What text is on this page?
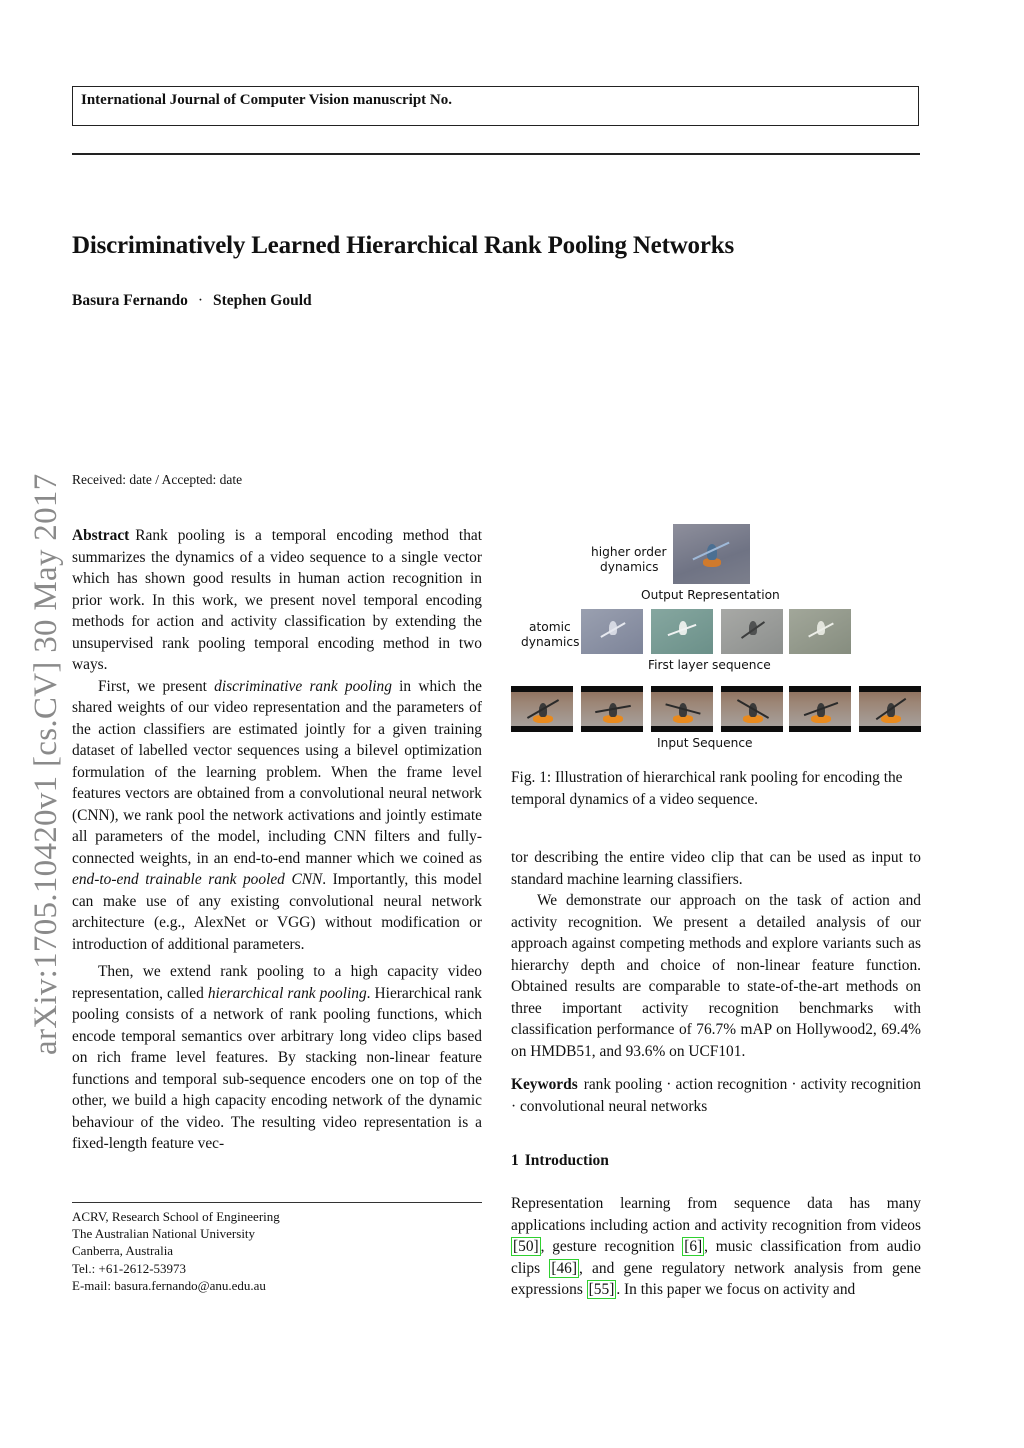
International Journal of Computer Vision manuscript No.
Discriminatively Learned Hierarchical Rank Pooling Networks
Basura Fernando · Stephen Gould
Received: date / Accepted: date
arXiv:1705.10420v1 [cs.CV] 30 May 2017 Abstract Rank pooling is a temporal encoding method that summarizes the dynamics of a video sequence to a single vector which has shown good results in human action recognition in prior work. In this work, we present novel temporal encoding methods for action and activity classification by extending the unsupervised rank pooling temporal encoding method in two ways.

First, we present discriminative rank pooling in which the shared weights of our video representation and the parameters of the action classifiers are estimated jointly for a given training dataset of labelled vector sequences using a bilevel optimization formulation of the learning problem. When the frame level features vectors are obtained from a convolutional neural network (CNN), we rank pool the network activations and jointly estimate all parameters of the model, including CNN filters and fully-connected weights, in an end-to-end manner which we coined as end-to-end trainable rank pooled CNN. Importantly, this model can make use of any existing convolutional neural network architecture (e.g., AlexNet or VGG) without modification or introduction of additional parameters.

Then, we extend rank pooling to a high capacity video representation, called hierarchical rank pooling. Hierarchical rank pooling consists of a network of rank pooling functions, which encode temporal semantics over arbitrary long video clips based on rich frame level features. By stacking non-linear feature functions and temporal sub-sequence encoders one on top of the other, we build a high capacity encoding network of the dynamic behaviour of the video. The resulting video representation is a fixed-length feature vec-

ACRV, Research School of Engineering
The Australian National University
Canberra, Australia
Tel.: +61-2612-53973
E-mail: basura.fernando@anu.edu.au
higher order
dynamics
Output Representation
atomic
dynamics
First layer sequence
Input Sequence
Fig. 1: Illustration of hierarchical rank pooling for encoding the temporal dynamics of a video sequence.

tor describing the entire video clip that can be used as input to standard machine learning classifiers.

We demonstrate our approach on the task of action and activity recognition. We present a detailed analysis of our approach against competing methods and explore variants such as hierarchy depth and choice of non-linear feature function. Obtained results are comparable to state-of-the-art methods on three important activity recognition benchmarks with classification performance of 76.7% mAP on Hollywood2, 69.4% on HMDB51, and 93.6% on UCF101.

Keywords rank pooling · action recognition · activity recognition · convolutional neural networks

1 Introduction

Representation learning from sequence data has many applications including action and activity recognition from videos [50] , gesture recognition [6] , music classification from audio clips [46] , and gene regulatory network analysis from gene expressions [55] . In this paper we focus on activity and
